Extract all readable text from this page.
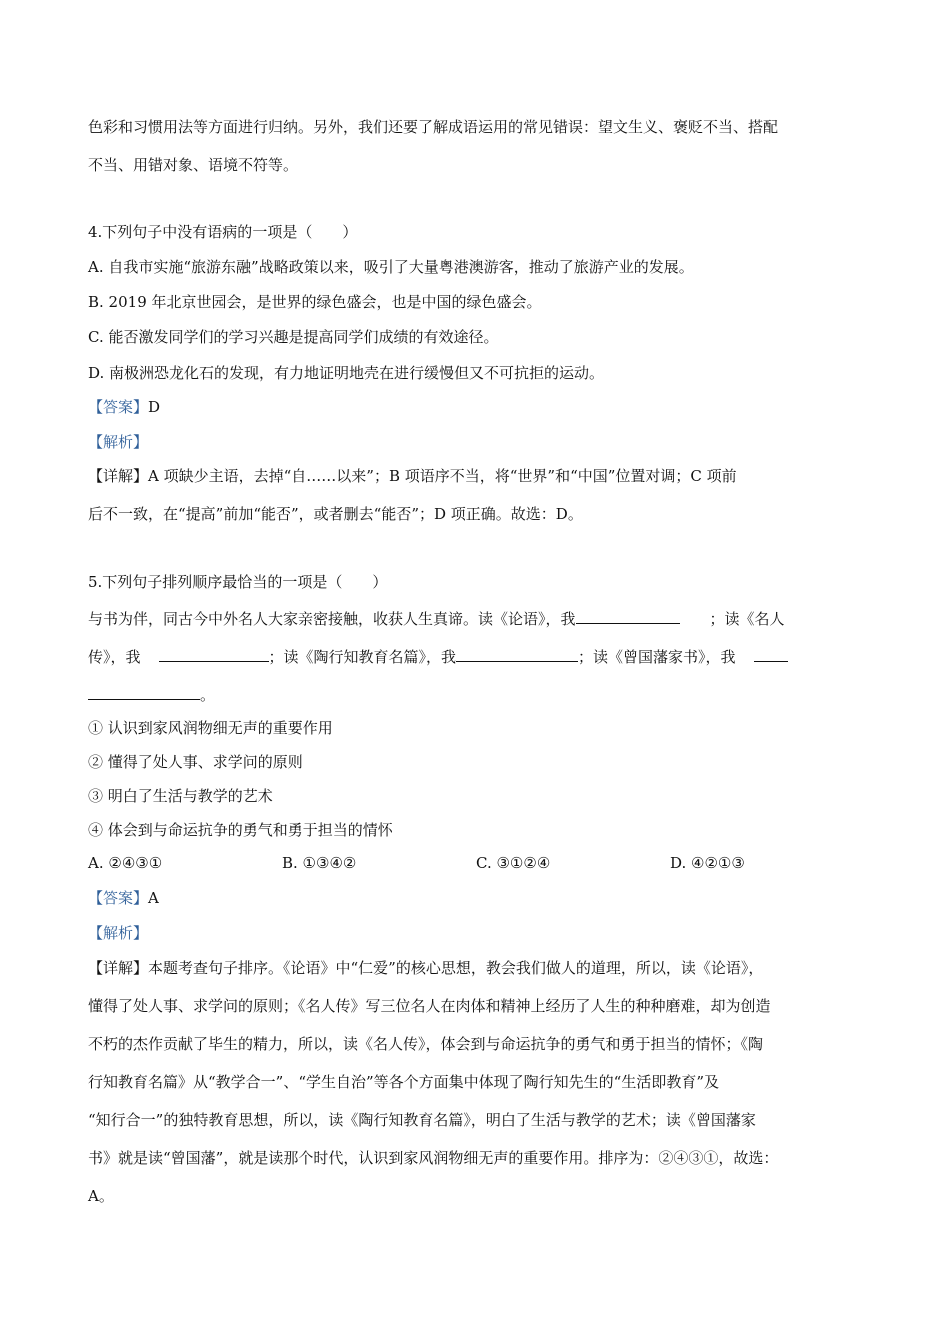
色彩和习惯用法等方面进行归纳。另外，我们还要了解成语运用的常见错误：望文生义、褒贬不当、搭配
不当、用错对象、语境不符等。
4.下列句子中没有语病的一项是（　　）
A. 自我市实施“旅游东融”战略政策以来，吸引了大量粤港澳游客，推动了旅游产业的发展。
B. 2019 年北京世园会，是世界的绿色盛会，也是中国的绿色盛会。
C. 能否激发同学们的学习兴趣是提高同学们成绩的有效途径。
D. 南极洲恐龙化石的发现，有力地证明地壳在进行缓慢但又不可抗拒的运动。
【答案】D
【解析】
【详解】A 项缺少主语，去掉“自……以来”；B 项语序不当，将“世界”和“中国”位置对调；C 项前
后不一致，在“提高”前加“能否”，或者删去“能否”；D 项正确。故选：D。
5.下列句子排列顺序最恰当的一项是（　　）
与书为伴，同古今中外名人大家亲密接触，收获人生真谛。读《论语》，我	；读《名人
传》，我	；读《陶行知教育名篇》，我	；读《曾国藩家书》，我
。
① 认识到家风润物细无声的重要作用
② 懂得了处人事、求学问的原则
③ 明白了生活与教学的艺术
④ 体会到与命运抗争的勇气和勇于担当的情怀
A. ②④③①	B. ①③④②	C. ③①②④	D. ④②①③
【答案】A
【解析】
【详解】本题考查句子排序。《论语》中“仁爱”的核心思想，教会我们做人的道理，所以，读《论语》，
懂得了处人事、求学问的原则；《名人传》写三位名人在肉体和精神上经历了人生的种种磨难，却为创造
不朽的杰作贡献了毕生的精力，所以，读《名人传》，体会到与命运抗争的勇气和勇于担当的情怀；《陶
行知教育名篇》从“教学合一”、“学生自治”等各个方面集中体现了陶行知先生的“生活即教育”及
“知行合一”的独特教育思想，所以，读《陶行知教育名篇》，明白了生活与教学的艺术；读《曾国藩家
书》就是读“曾国藩”，就是读那个时代，认识到家风润物细无声的重要作用。排序为：②④③①，故选：
A。
